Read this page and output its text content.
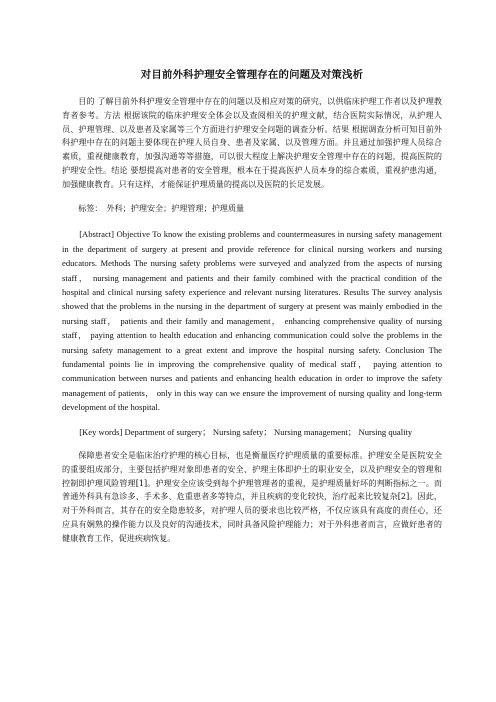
对目前外科护理安全管理存在的问题及对策浅析

目的 了解目前外科护理安全管理中存在的问题以及相应对策的研究，以供临床护理工作者以及护理教育者参考。方法 根据该院的临床护理安全体会以及查阅相关的护理文献，结合医院实际情况，从护理人员、护理管理、以及患者及家属等三个方面进行护理安全问题的调查分析。结果 根据调查分析可知目前外科护理中存在的问题主要体现在护理人员自身、患者及家属、以及管理方面。并且通过加强护理人员综合素质，重视健康教育，加强沟通等等措施，可以很大程度上解决护理安全管理中存在的问题，提高医院的护理安全性。结论 要想提高对患者的安全管理，根本在于提高医护人员本身的综合素质，重视护患沟通，加强健康教育。只有这样，才能保证护理质量的提高以及医院的长足发展。

标签： 外科；护理安全；护理管理；护理质量

[Abstract] Objective To know the existing problems and countermeasures in nursing safety management in the department of surgery at present and provide reference for clinical nursing workers and nursing educators. Methods The nursing safety problems were surveyed and analyzed from the aspects of nursing staff， nursing management and patients and their family combined with the practical condition of the hospital and clinical nursing safety experience and relevant nursing literatures. Results The survey analysis showed that the problems in the nursing in the department of surgery at present was mainly embodied in the nursing staff， patients and their family and management， enhancing comprehensive quality of nursing staff， paying attention to health education and enhancing communication could solve the problems in the nursing safety management to a great extent and improve the hospital nursing safety. Conclusion The fundamental points lie in improving the comprehensive quality of medical staff， paying attention to communication between nurses and patients and enhancing health education in order to improve the safety management of patients， only in this way can we ensure the improvement of nursing quality and long-term development of the hospital.

[Key words] Department of surgery； Nursing safety； Nursing management； Nursing quality

保障患者安全是临床治疗护理的核心目标，也是衡量医疗护理质量的重要标准。护理安全是医院安全的重要组成部分，主要包括护理对象即患者的安全、护理主体即护士的职业安全，以及护理安全的管理和控制即护理风险管理[1]。护理安全应该受到每个护理管理者的重视，是护理质量好坏的判断指标之一。而普通外科具有急诊多、手术多、危重患者多等特点，并且疾病的变化较快，治疗起来比较复杂[2]。因此，对于外科而言，其存在的安全隐患较多，对护理人员的要求也比较严格，不仅应该具有高度的责任心，还应具有娴熟的操作能力以及良好的沟通技术，同时具备风险护理能力；对于外科患者而言，应做好患者的健康教育工作，促进疾病恢复。
